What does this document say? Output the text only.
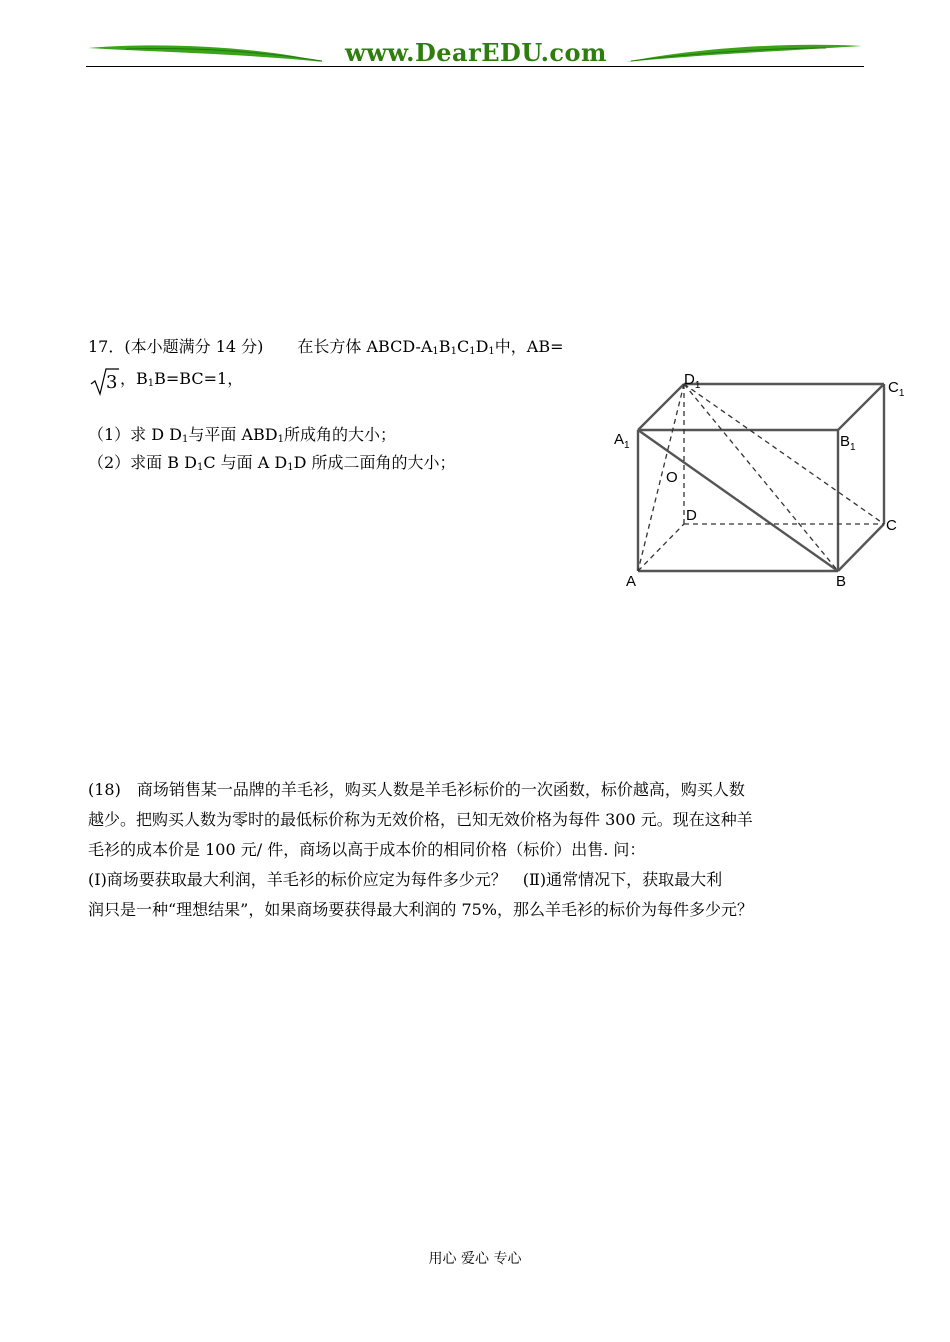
www.DearEDU.com
17．(本小题满分 14 分) 在长方体 ABCD-$A_1B_1C_1D_1$中，AB=
3 ，$B_1B=BC=1$，
（1）求 D $D_1$与平面 $ABD_1$所成角的大小；
（2）求面 B $D_1C$ 与面 A $D_1D$ 所成二面角的大小；
$D_1$	$C_1$
$A_1$	$B_1$
O
D
C
A	B
(18)　商场销售某一品牌的羊毛衫，购买人数是羊毛衫标价的一次函数，标价越高，购买人数
越少。把购买人数为零时的最低标价称为无效价格，已知无效价格为每件 300 元。现在这种羊
毛衫的成本价是 100 元/ 件，商场以高于成本价的相同价格（标价）出售. 问：
(Ⅰ)商场要获取最大利润，羊毛衫的标价应定为每件多少元？　(Ⅱ)通常情况下，获取最大利
润只是一种“理想结果”，如果商场要获得最大利润的 75%，那么羊毛衫的标价为每件多少元？
用心 爱心 专心
